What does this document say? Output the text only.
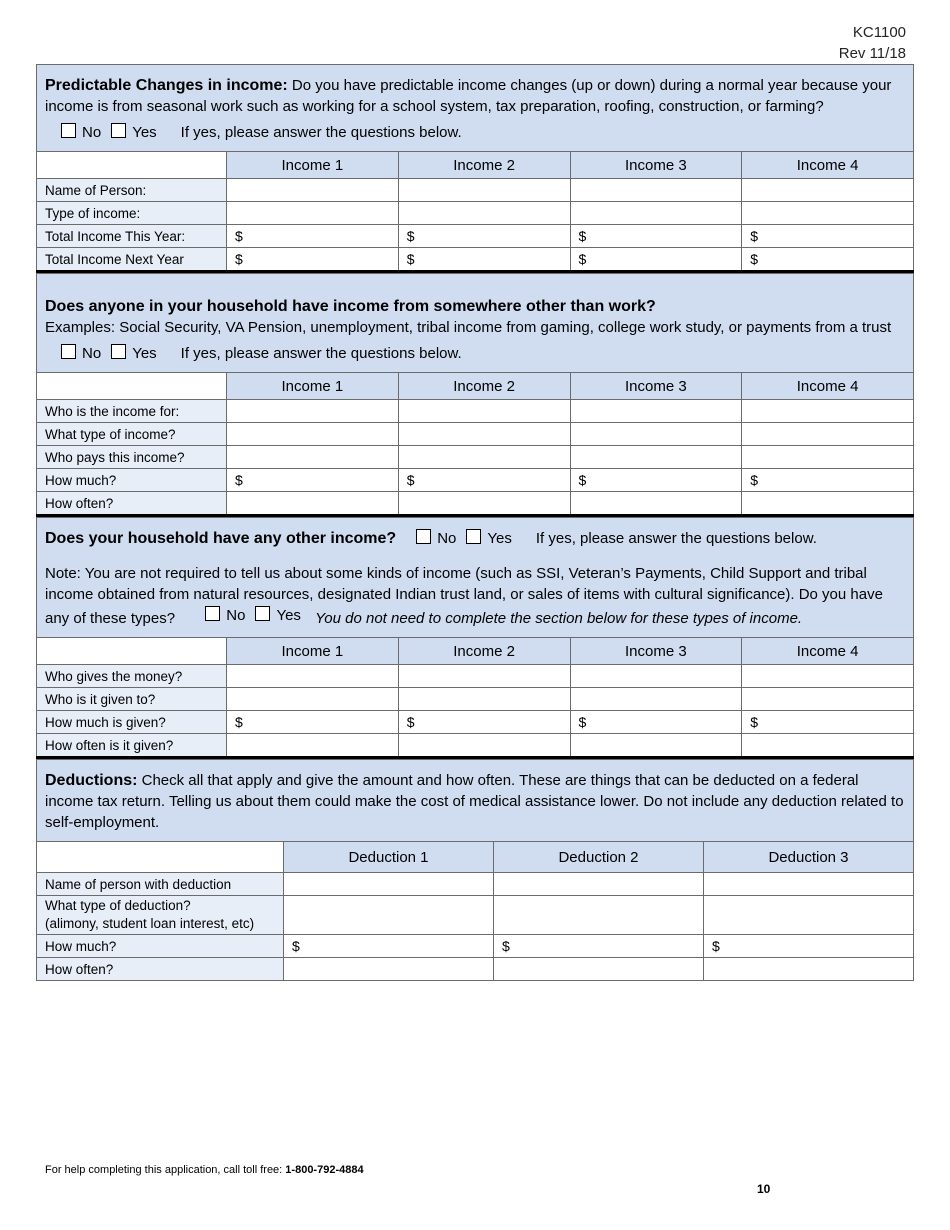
KC1100
Rev 11/18
Predictable Changes in income: Do you have predictable income changes (up or down) during a normal year because your income is from seasonal work such as working for a school system, tax preparation, roofing, construction, or farming?
No Yes If yes, please answer the questions below.
	Income 1	Income 2	Income 3	Income 4
Name of Person:				
Type of income:				
Total Income This Year:	$	$	$	$
Total Income Next Year	$	$	$	$
Does anyone in your household have income from somewhere other than work?
Examples: Social Security, VA Pension, unemployment, tribal income from gaming, college work study, or payments from a trust
No Yes If yes, please answer the questions below.
	Income 1	Income 2	Income 3	Income 4
Who is the income for:				
What type of income?				
Who pays this income?				
How much?	$	$	$	$
How often?				
Does your household have any other income?	No Yes If yes, please answer the questions below.
Note: You are not required to tell us about some kinds of income (such as SSI, Veteran’s Payments, Child Support and tribal income obtained from natural resources, designated Indian trust land, or sales of items with cultural significance). Do you have any of these types?	No Yes You do not need to complete the section below for these types of income.
	Income 1	Income 2	Income 3	Income 4
Who gives the money?				
Who is it given to?				
How much is given?	$	$	$	$
How often is it given?				
Deductions: Check all that apply and give the amount and how often. These are things that can be deducted on a federal income tax return. Telling us about them could make the cost of medical assistance lower. Do not include any deduction related to self-employment.
	Deduction 1	Deduction 2	Deduction 3
Name of person with deduction			

What type of deduction?
(alimony, student loan interest, etc)			

How much?	$	$	$
How often?			
For help completing this application, call toll free: 1-800-792-4884
10
